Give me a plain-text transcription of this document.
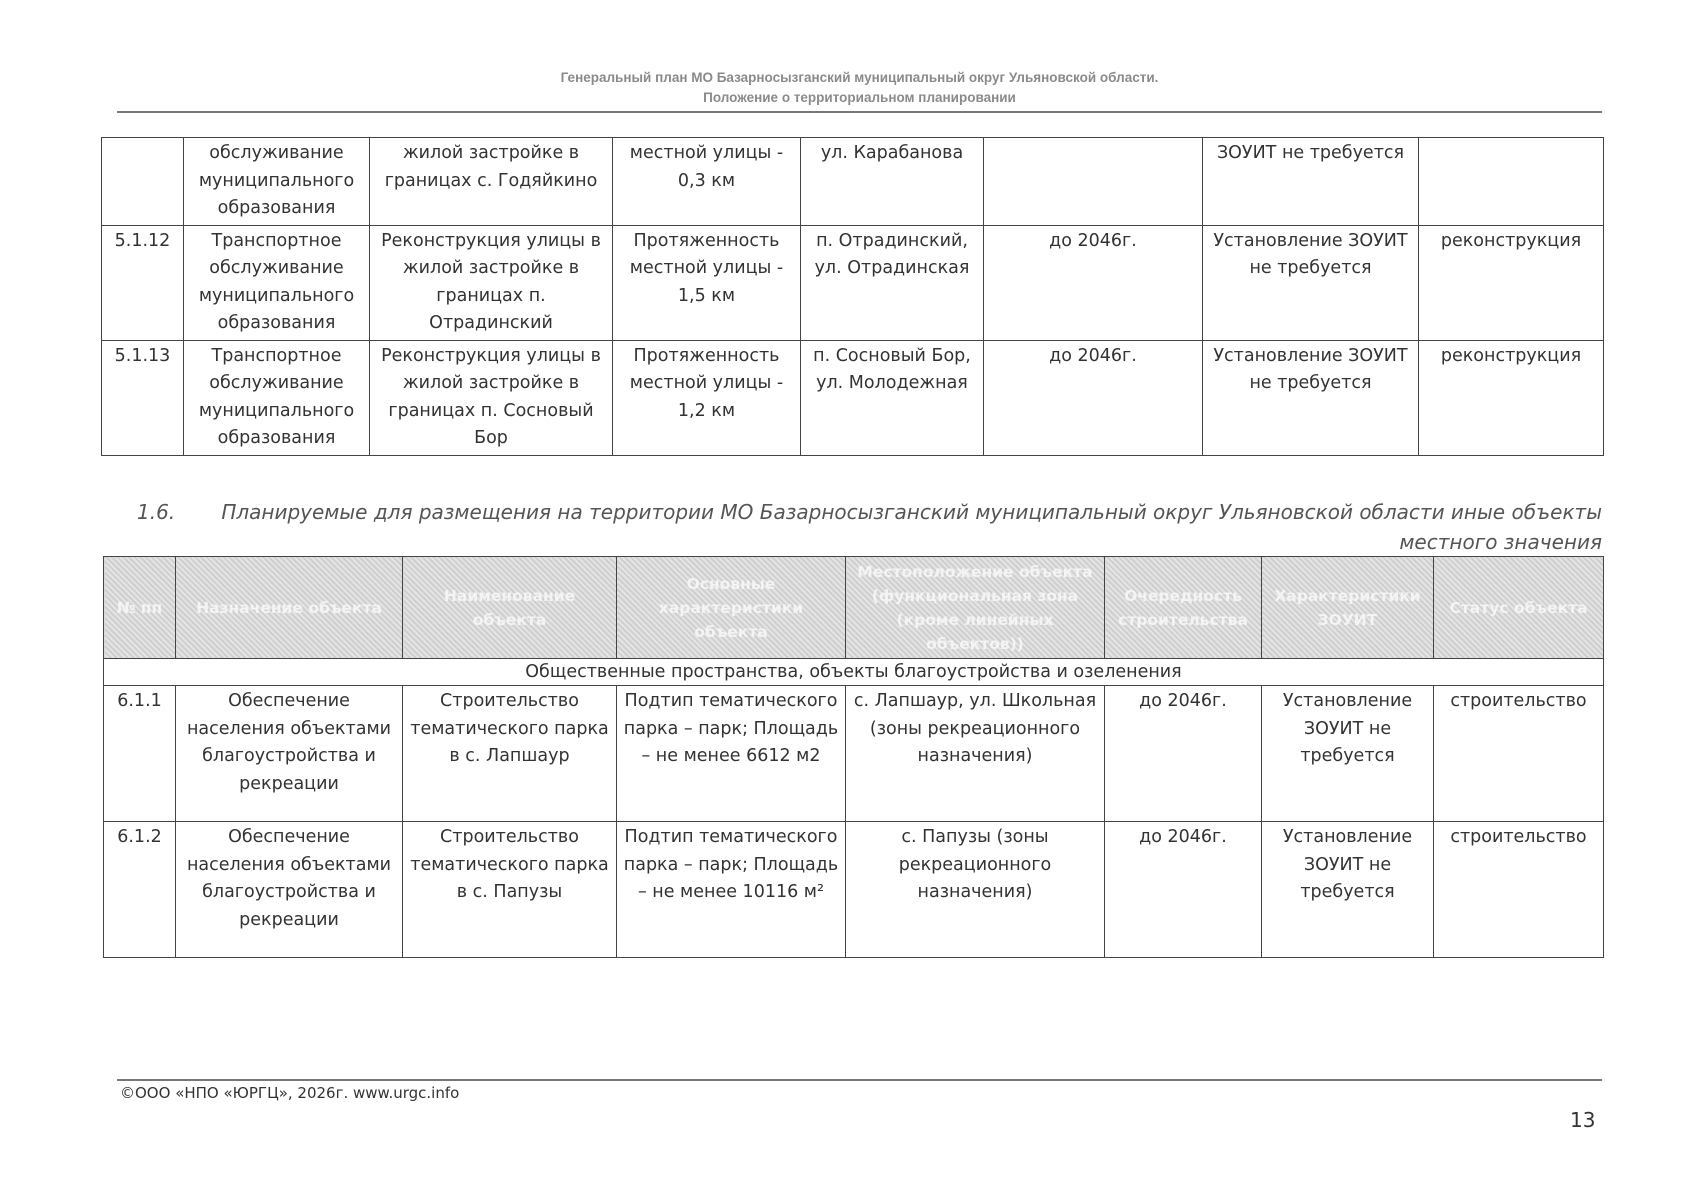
Генеральный план МО Базарносызганский муниципальный округ Ульяновской области.
Положение о территориальном планировании
	обслуживание муниципального образования	жилой застройке в границах с. Годяйкино	местной улицы - 0,3 км	ул. Карабанова		ЗОУИТ не требуется	
5.1.12	Транспортное обслуживание муниципального образования	Реконструкция улицы в жилой застройке в границах п. Отрадинский	Протяженность местной улицы - 1,5 км	п. Отрадинский, ул. Отрадинская	до 2046г.	Установление ЗОУИТ не требуется	реконструкция
5.1.13	Транспортное обслуживание муниципального образования	Реконструкция улицы в жилой застройке в границах п. Сосновый Бор	Протяженность местной улицы - 1,2 км	п. Сосновый Бор, ул. Молодежная	до 2046г.	Установление ЗОУИТ не требуется	реконструкция
1.6.	Планируемые для размещения на территории МО Базарносызганский муниципальный округ Ульяновской области иные объекты местного значения
№ пп	Назначение объекта	Наименование объекта	Основные характеристики объекта	Местоположение объекта (функциональная зона (кроме линейных объектов))	Очередность строительства	Характеристики ЗОУИТ	Статус объекта
Общественные пространства, объекты благоустройства и озеленения							
6.1.1	Обеспечение населения объектами благоустройства и рекреации	Строительство тематического парка в с. Лапшаур	Подтип тематического парка – парк; Площадь – не менее 6612 м2	с. Лапшаур, ул. Школьная (зоны рекреационного назначения)	до 2046г.	Установление ЗОУИТ не требуется	строительство
6.1.2	Обеспечение населения объектами благоустройства и рекреации	Строительство тематического парка в с. Папузы	Подтип тематического парка – парк; Площадь – не менее 10116 м²	с. Папузы (зоны рекреационного назначения)	до 2046г.	Установление ЗОУИТ не требуется	строительство
©ООО «НПО «ЮРГЦ», 2026г. www.urgc.info
13
